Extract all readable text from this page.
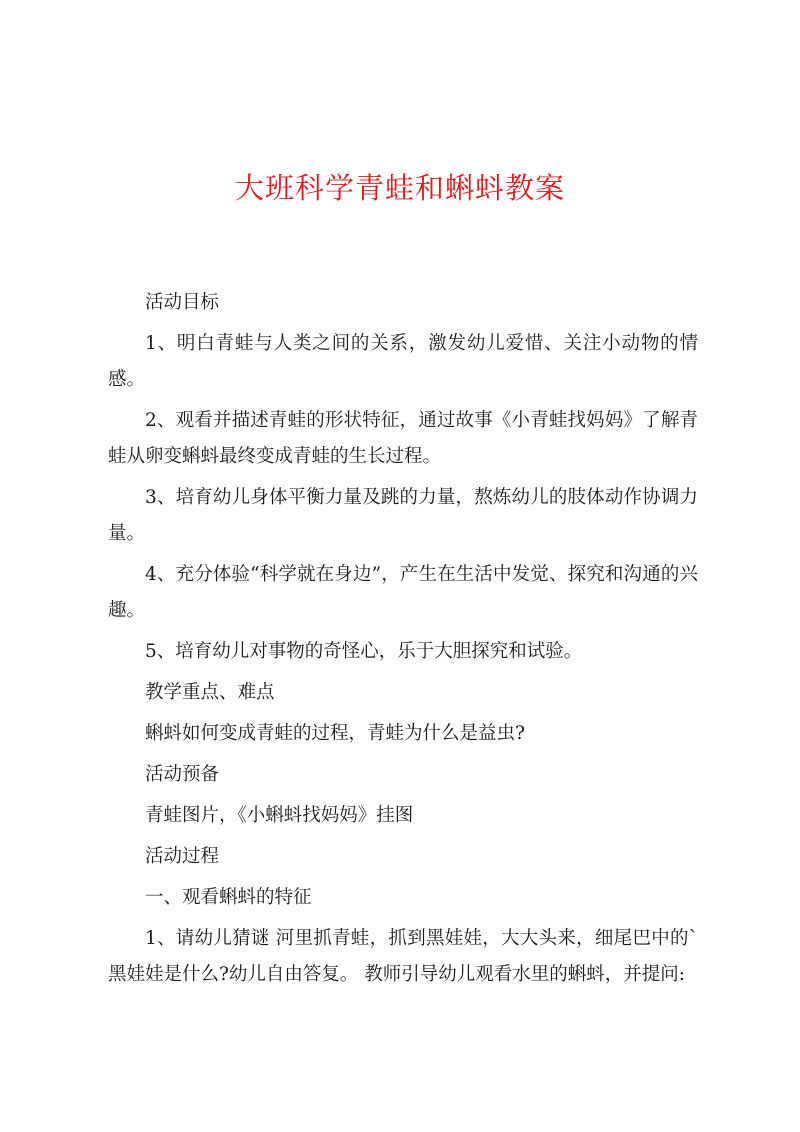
大班科学青蛙和蝌蚪教案

活动目标

1、明白青蛙与人类之间的关系，激发幼儿爱惜、关注小动物的情感。

2、观看并描述青蛙的形状特征，通过故事《小青蛙找妈妈》了解青蛙从卵变蝌蚪最终变成青蛙的生长过程。

3、培育幼儿身体平衡力量及跳的力量，熬炼幼儿的肢体动作协调力量。

4、充分体验“科学就在身边”，产生在生活中发觉、探究和沟通的兴趣。

5、培育幼儿对事物的奇怪心，乐于大胆探究和试验。

教学重点、难点

蝌蚪如何变成青蛙的过程，青蛙为什么是益虫?

活动预备

青蛙图片，《小蝌蚪找妈妈》挂图

活动过程

一、观看蝌蚪的特征

1、请幼儿猜谜 河里抓青蛙，抓到黑娃娃，大大头来，细尾巴中的`黑娃娃是什么?幼儿自由答复。 教师引导幼儿观看水里的蝌蚪，并提问:
